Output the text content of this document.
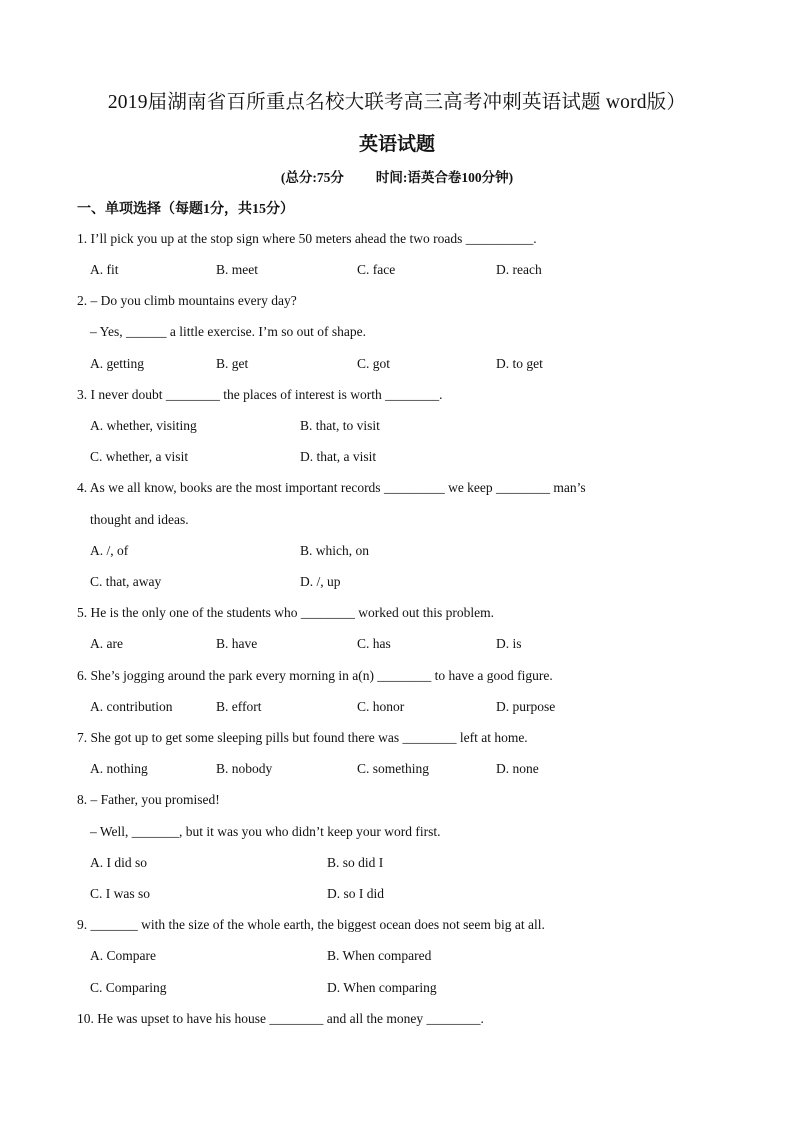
2019届湖南省百所重点名校大联考高三高考冲刺英语试题 word版）
英语试题
(总分:75分 时间:语英合卷100分钟)
一、单项选择（每题1分，共15分）
1. I’ll pick you up at the stop sign where 50 meters ahead the two roads __________.
A. fit	B. meet	C. face	D. reach
2. – Do you climb mountains every day?
– Yes, ______ a little exercise. I’m so out of shape.
A. getting	B. get	C. got	D. to get
3. I never doubt ________ the places of interest is worth ________.
A. whether, visiting	B. that, to visit
C. whether, a visit	D. that, a visit
4. As we all know, books are the most important records _________ we keep ________ man’s
thought and ideas.
A. /, of	B. which, on
C. that, away	D. /, up
5. He is the only one of the students who ________ worked out this problem.
A. are	B. have	C. has	D. is
6. She’s jogging around the park every morning in a(n) ________ to have a good figure.
A. contribution	B. effort	C. honor	D. purpose
7. She got up to get some sleeping pills but found there was ________ left at home.
A. nothing	B. nobody	C. something	D. none
8. – Father, you promised!
– Well, _______, but it was you who didn’t keep your word first.
A. I did so	B. so did I
C. I was so	D. so I did
9. _______ with the size of the whole earth, the biggest ocean does not seem big at all.
A. Compare	B. When compared
C. Comparing	D. When comparing
10. He was upset to have his house ________ and all the money ________.
